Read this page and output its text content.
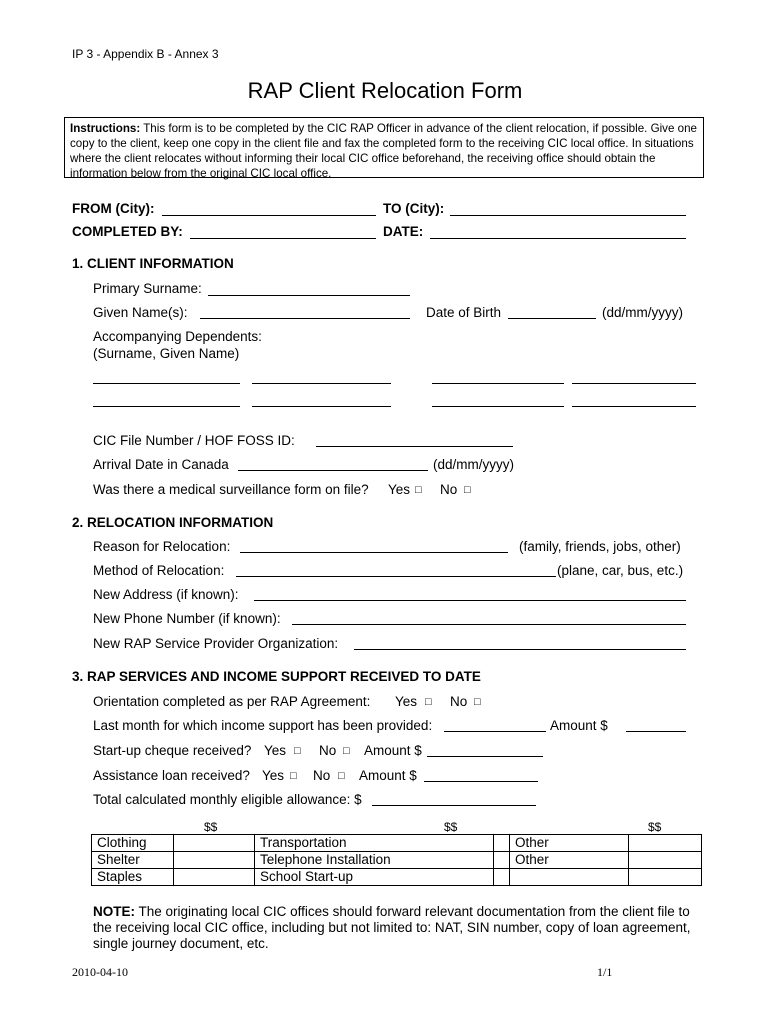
IP 3 - Appendix B - Annex 3
RAP Client Relocation Form
Instructions: This form is to be completed by the CIC RAP Officer in advance of the client relocation, if possible. Give one copy to the client, keep one copy in the client file and fax the completed form to the receiving CIC local office. In situations where the client relocates without informing their local CIC office beforehand, the receiving office should obtain the information below from the original CIC local office.
FROM (City):	TO (City):
COMPLETED BY:	DATE:
1. CLIENT INFORMATION
Primary Surname:
Given Name(s):	Date of Birth	(dd/mm/yyyy)
Accompanying Dependents:
(Surname, Given Name)
CIC File Number / HOF FOSS ID:
Arrival Date in Canada	(dd/mm/yyyy)
Was there a medical surveillance form on file? Yes □ No □
2. RELOCATION INFORMATION
Reason for Relocation:	(family, friends, jobs, other)
Method of Relocation:	(plane, car, bus, etc.)
New Address (if known):
New Phone Number (if known):
New RAP Service Provider Organization:
3. RAP SERVICES AND INCOME SUPPORT RECEIVED TO DATE
Orientation completed as per RAP Agreement: Yes □ No □
Last month for which income support has been provided:	Amount $
Start-up cheque received? Yes □ No □ Amount $
Assistance loan received? Yes □ No □ Amount $
Total calculated monthly eligible allowance: $
$$	$$	$$
Clothing		Transportation		Other	
Shelter		Telephone Installation		Other	
Staples		School Start-up			
NOTE: The originating local CIC offices should forward relevant documentation from the client file to the receiving local CIC office, including but not limited to: NAT, SIN number, copy of loan agreement, single journey document, etc.
2010-04-10	1/1
